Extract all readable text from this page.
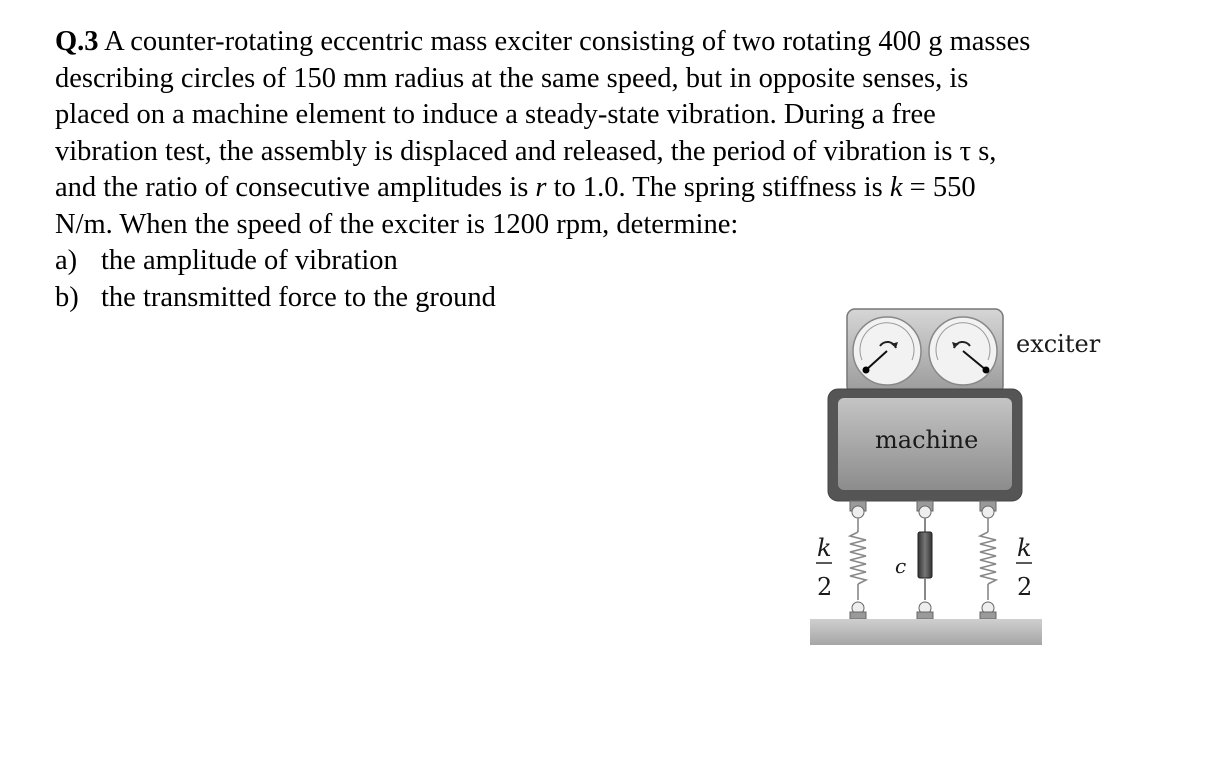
Q.3 A counter-rotating eccentric mass exciter consisting of two rotating 400 g masses
describing circles of 150 mm radius at the same speed, but in opposite senses, is
placed on a machine element to induce a steady-state vibration. During a free
vibration test, the assembly is displaced and released, the period of vibration is τ s,
and the ratio of consecutive amplitudes is r to 1.0. The spring stiffness is k = 550
N/m. When the speed of the exciter is 1200 rpm, determine:
a) the amplitude of vibration
b) the transmitted force to the ground
exciter
machine
c
k
2
k
2
